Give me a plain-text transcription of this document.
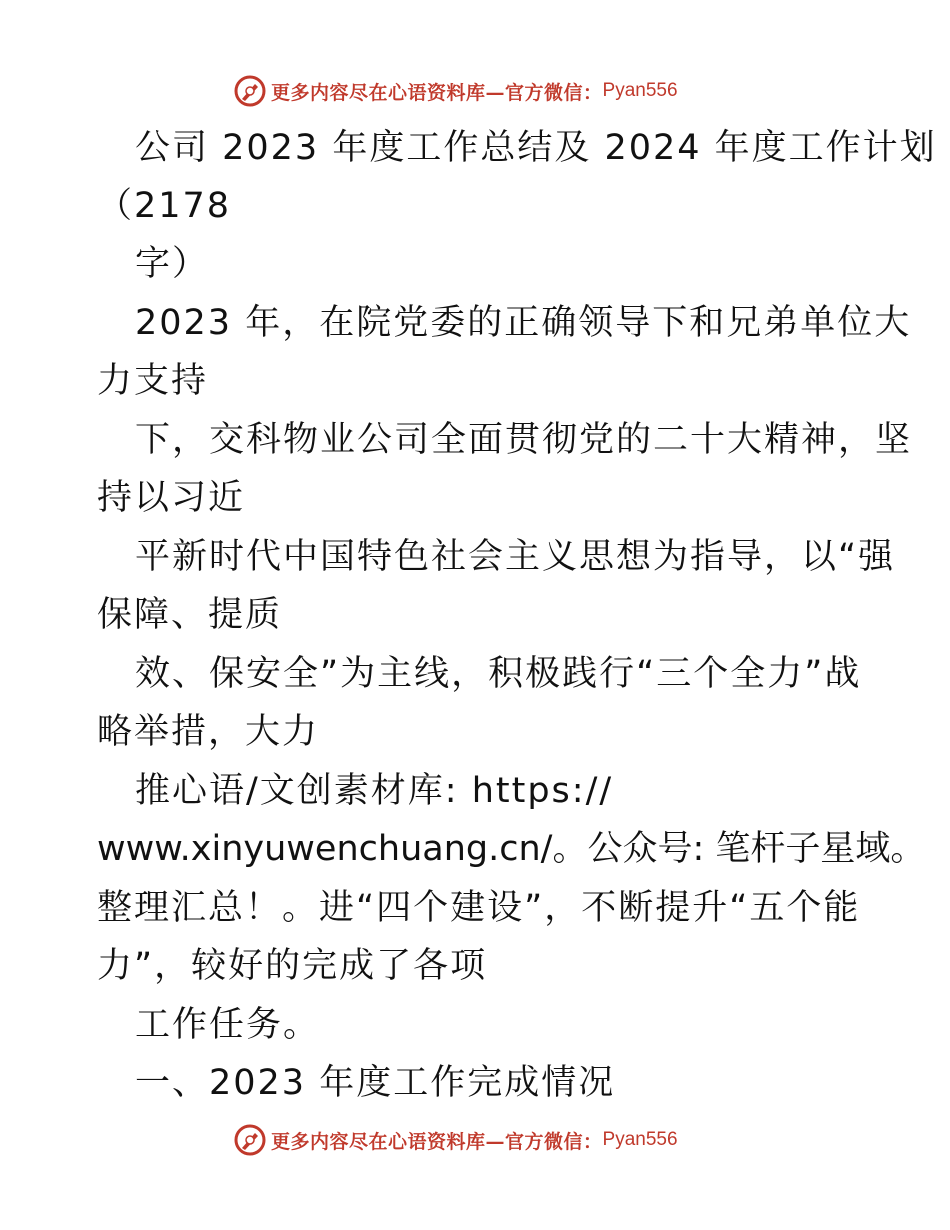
更多内容尽在心语资料库—官方微信： Pyan556
公司 2023 年度工作总结及 2024 年度工作计划
（2178
字）
2023 年，在院党委的正确领导下和兄弟单位大
力支持
下，交科物业公司全面贯彻党的二十大精神，坚
持以习近
平新时代中国特色社会主义思想为指导，以“强
保障、提质
效、保安全”为主线，积极践行“三个全力”战
略举措，大力
推心语/文创素材库: https://
www.xinyuwenchuang.cn/。公众号: 笔杆子星域。
整理汇总！。进“四个建设”，不断提升“五个能
力”，较好的完成了各项
工作任务。
一、2023 年度工作完成情况
更多内容尽在心语资料库—官方微信： Pyan556
